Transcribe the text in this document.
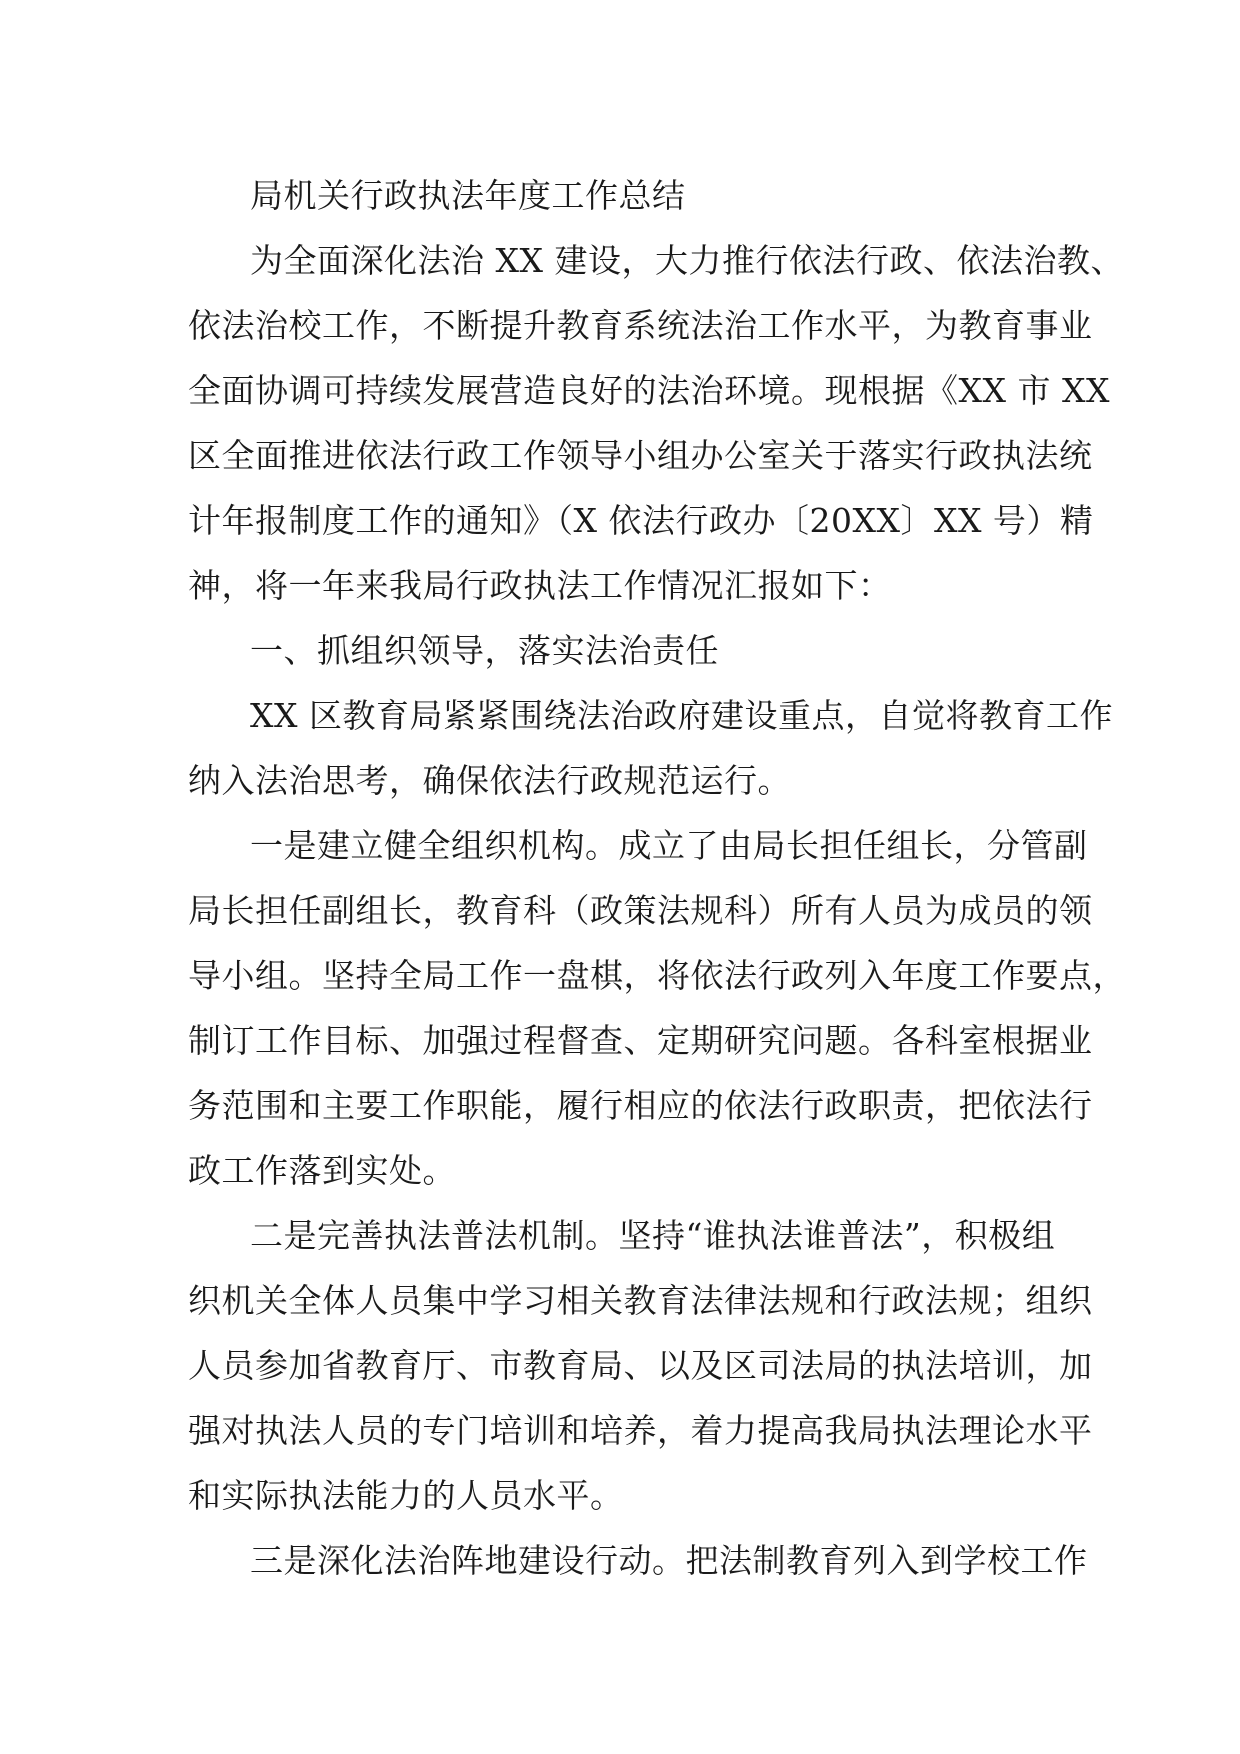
局机关行政执法年度工作总结
为全面深化法治 XX 建设，大力推行依法行政、依法治教、
依法治校工作，不断提升教育系统法治工作水平，为教育事业
全面协调可持续发展营造良好的法治环境。现根据《XX 市 XX
区全面推进依法行政工作领导小组办公室关于落实行政执法统
计年报制度工作的通知》（X 依法行政办〔20XX〕XX 号）精
神，将一年来我局行政执法工作情况汇报如下：
一、抓组织领导，落实法治责任
XX 区教育局紧紧围绕法治政府建设重点，自觉将教育工作
纳入法治思考，确保依法行政规范运行。
一是建立健全组织机构。成立了由局长担任组长，分管副
局长担任副组长，教育科（政策法规科）所有人员为成员的领
导小组。坚持全局工作一盘棋，将依法行政列入年度工作要点，
制订工作目标、加强过程督查、定期研究问题。各科室根据业
务范围和主要工作职能，履行相应的依法行政职责，把依法行
政工作落到实处。
二是完善执法普法机制。坚持“谁执法谁普法”，积极组
织机关全体人员集中学习相关教育法律法规和行政法规；组织
人员参加省教育厅、市教育局、以及区司法局的执法培训，加
强对执法人员的专门培训和培养，着力提高我局执法理论水平
和实际执法能力的人员水平。
三是深化法治阵地建设行动。把法制教育列入到学校工作
